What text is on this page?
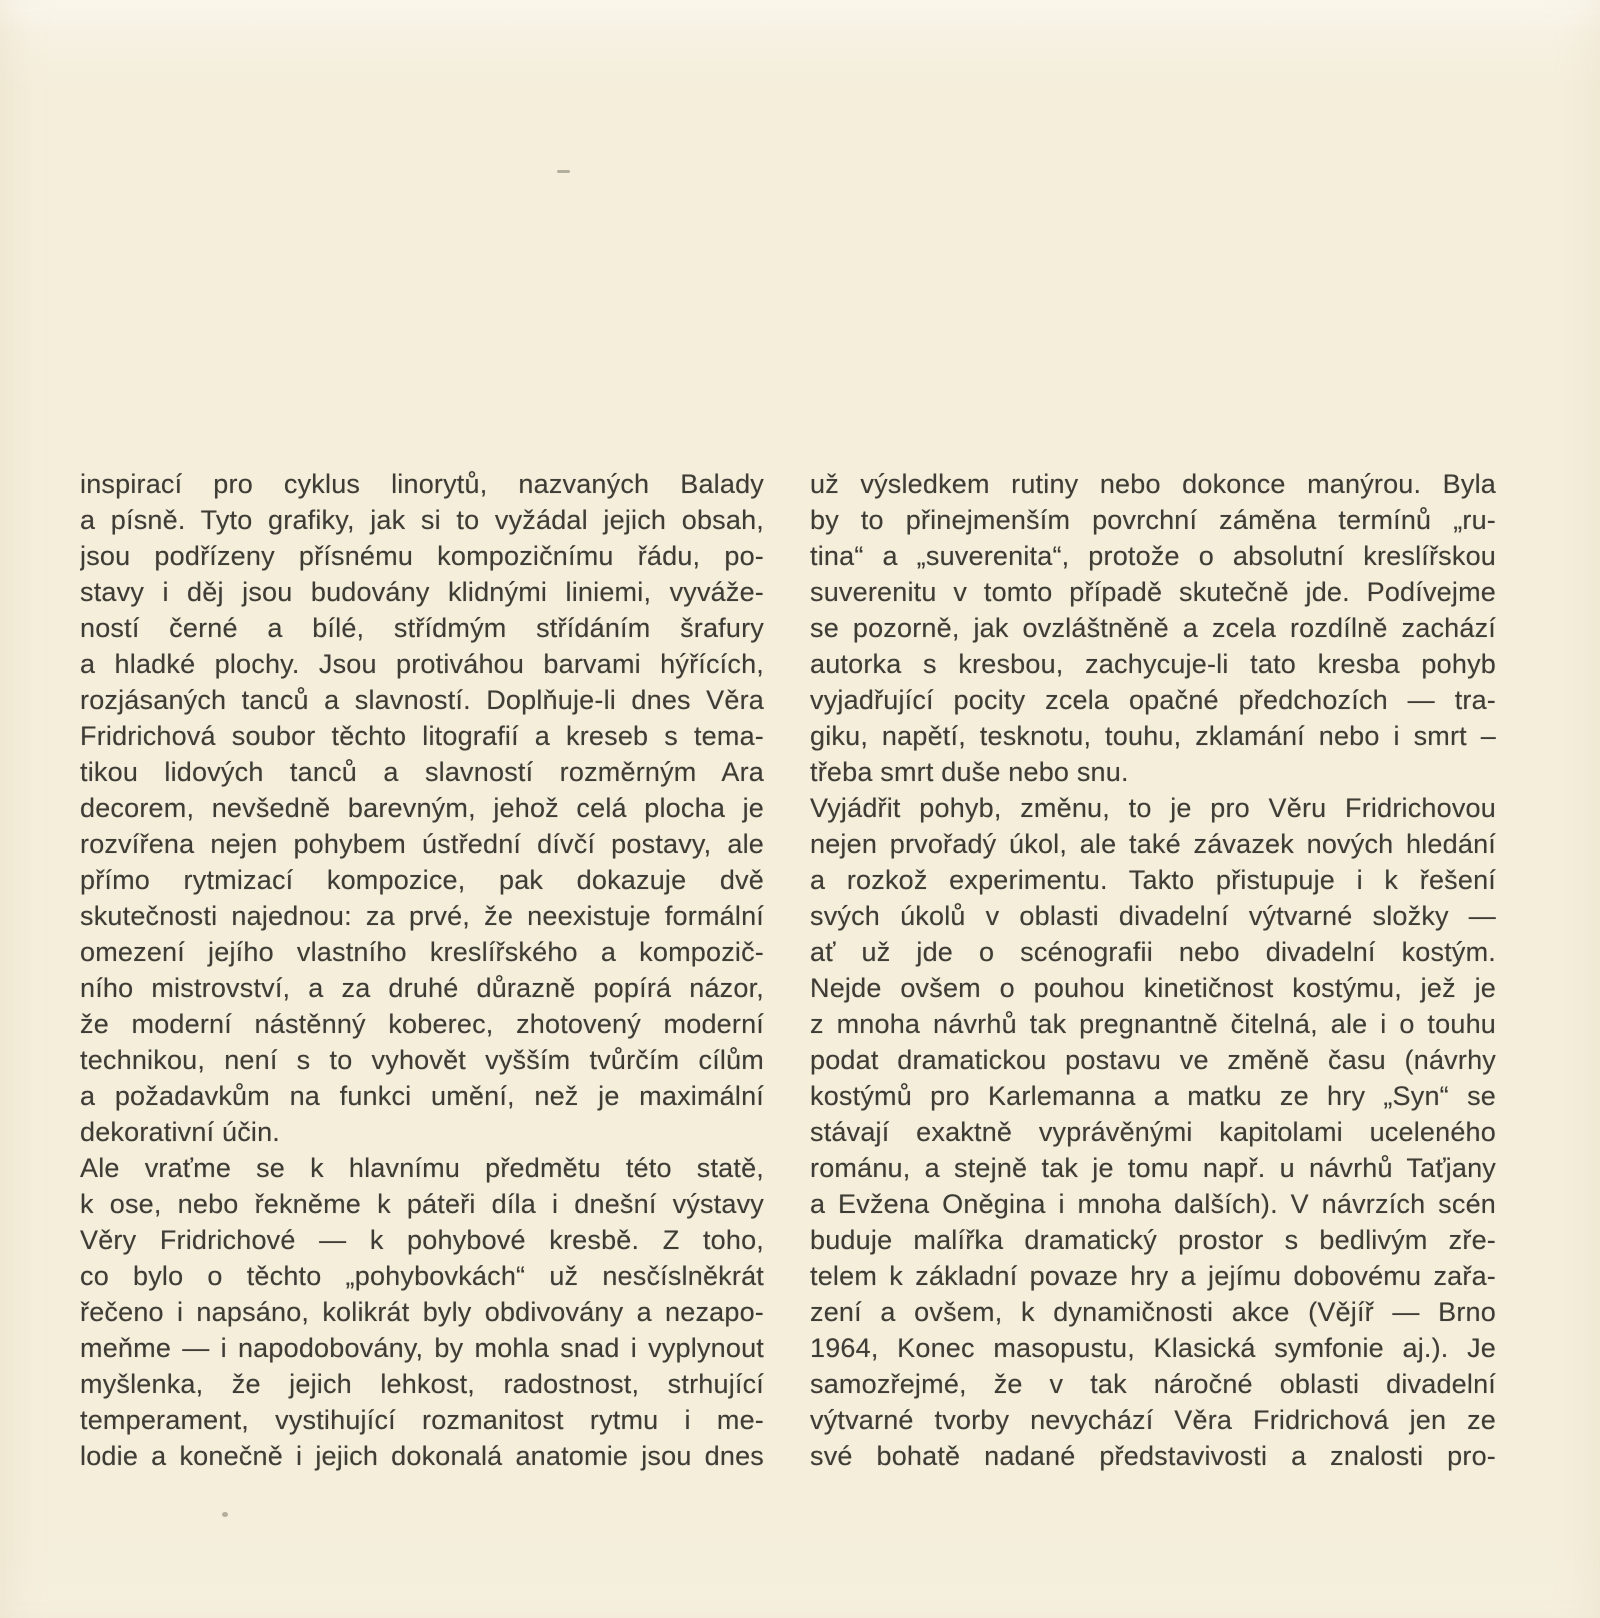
inspirací pro cyklus linorytů, nazvaných Balady
a písně. Tyto grafiky, jak si to vyžádal jejich obsah,
jsou podřízeny přísnému kompozičnímu řádu, po-
stavy i děj jsou budovány klidnými liniemi, vyváže-
ností černé a bílé, střídmým střídáním šrafury
a hladké plochy. Jsou protiváhou barvami hýřících,
rozjásaných tanců a slavností. Doplňuje-li dnes Věra
Fridrichová soubor těchto litografií a kreseb s tema-
tikou lidových tanců a slavností rozměrným Ara
decorem, nevšedně barevným, jehož celá plocha je
rozvířena nejen pohybem ústřední dívčí postavy, ale
přímo rytmizací kompozice, pak dokazuje dvě
skutečnosti najednou: za prvé, že neexistuje formální
omezení jejího vlastního kreslířského a kompozič-
ního mistrovství, a za druhé důrazně popírá názor,
že moderní nástěnný koberec, zhotovený moderní
technikou, není s to vyhovět vyšším tvůrčím cílům
a požadavkům na funkci umění, než je maximální
dekorativní účin.
Ale vraťme se k hlavnímu předmětu této statě,
k ose, nebo řekněme k páteři díla i dnešní výstavy
Věry Fridrichové — k pohybové kresbě. Z toho,
co bylo o těchto „pohybovkách“ už nesčíslněkrát
řečeno i napsáno, kolikrát byly obdivovány a nezapo-
meňme — i napodobovány, by mohla snad i vyplynout
myšlenka, že jejich lehkost, radostnost, strhující
temperament, vystihující rozmanitost rytmu i me-
lodie a konečně i jejich dokonalá anatomie jsou dnes
už výsledkem rutiny nebo dokonce manýrou. Byla
by to přinejmenším povrchní záměna termínů „ru-
tina“ a „suverenita“, protože o absolutní kreslířskou
suverenitu v tomto případě skutečně jde. Podívejme
se pozorně, jak ovzláštněně a zcela rozdílně zachází
autorka s kresbou, zachycuje-li tato kresba pohyb
vyjadřující pocity zcela opačné předchozích — tra-
giku, napětí, tesknotu, touhu, zklamání nebo i smrt –
třeba smrt duše nebo snu.
Vyjádřit pohyb, změnu, to je pro Věru Fridrichovou
nejen prvořadý úkol, ale také závazek nových hledání
a rozkož experimentu. Takto přistupuje i k řešení
svých úkolů v oblasti divadelní výtvarné složky —
ať už jde o scénografii nebo divadelní kostým.
Nejde ovšem o pouhou kinetičnost kostýmu, jež je
z mnoha návrhů tak pregnantně čitelná, ale i o touhu
podat dramatickou postavu ve změně času (návrhy
kostýmů pro Karlemanna a matku ze hry „Syn“ se
stávají exaktně vyprávěnými kapitolami uceleného
románu, a stejně tak je tomu např. u návrhů Taťjany
a Evžena Oněgina i mnoha dalších). V návrzích scén
buduje malířka dramatický prostor s bedlivým zře-
telem k základní povaze hry a jejímu dobovému zařa-
zení a ovšem, k dynamičnosti akce (Vějíř — Brno
1964, Konec masopustu, Klasická symfonie aj.). Je
samozřejmé, že v tak náročné oblasti divadelní
výtvarné tvorby nevychází Věra Fridrichová jen ze
své bohatě nadané představivosti a znalosti pro-
